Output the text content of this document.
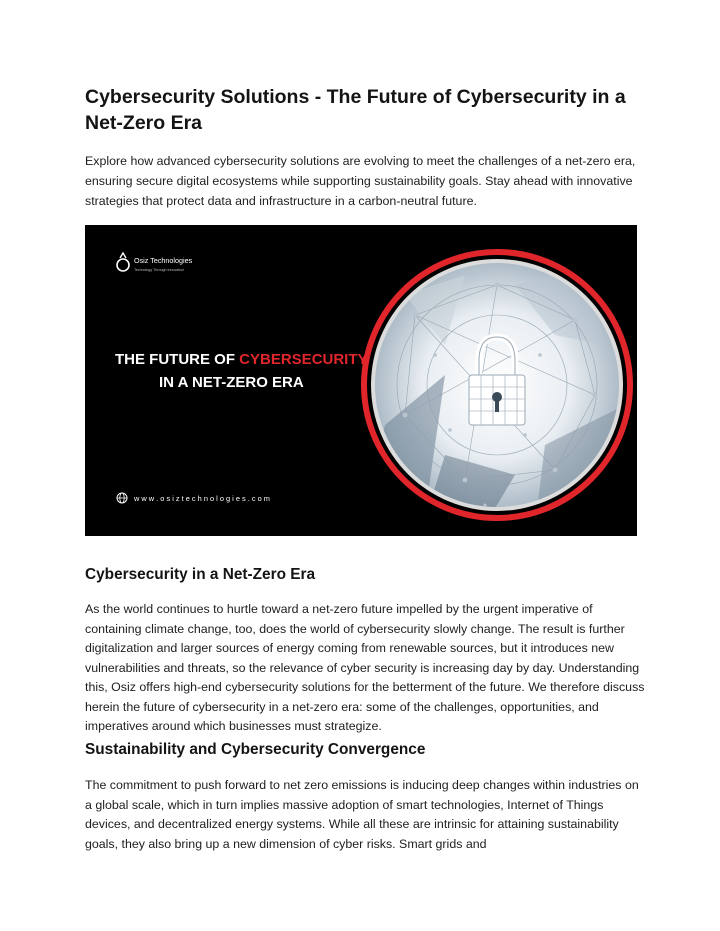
Cybersecurity Solutions - The Future of Cybersecurity in a Net-Zero Era

Explore how advanced cybersecurity solutions are evolving to meet the challenges of a net-zero era, ensuring secure digital ecosystems while supporting sustainability goals. Stay ahead with innovative strategies that protect data and infrastructure in a carbon-neutral future.

Osiz Technologies
Technology Through Innovation
THE FUTURE OF CYBERSECURITY
IN A NET-ZERO ERA
w w w . o s i z t e c h n o l o g i e s . c o m
Cybersecurity in a Net-Zero Era

As the world continues to hurtle toward a net-zero future impelled by the urgent imperative of containing climate change, too, does the world of cybersecurity slowly change. The result is further digitalization and larger sources of energy coming from renewable sources, but it introduces new vulnerabilities and threats, so the relevance of cyber security is increasing day by day. Understanding this, Osiz offers high-end cybersecurity solutions for the betterment of the future. We therefore discuss herein the future of cybersecurity in a net-zero era: some of the challenges, opportunities, and imperatives around which businesses must strategize.

Sustainability and Cybersecurity Convergence

The commitment to push forward to net zero emissions is inducing deep changes within industries on a global scale, which in turn implies massive adoption of smart technologies, Internet of Things devices, and decentralized energy systems. While all these are intrinsic for attaining sustainability goals, they also bring up a new dimension of cyber risks. Smart grids and
